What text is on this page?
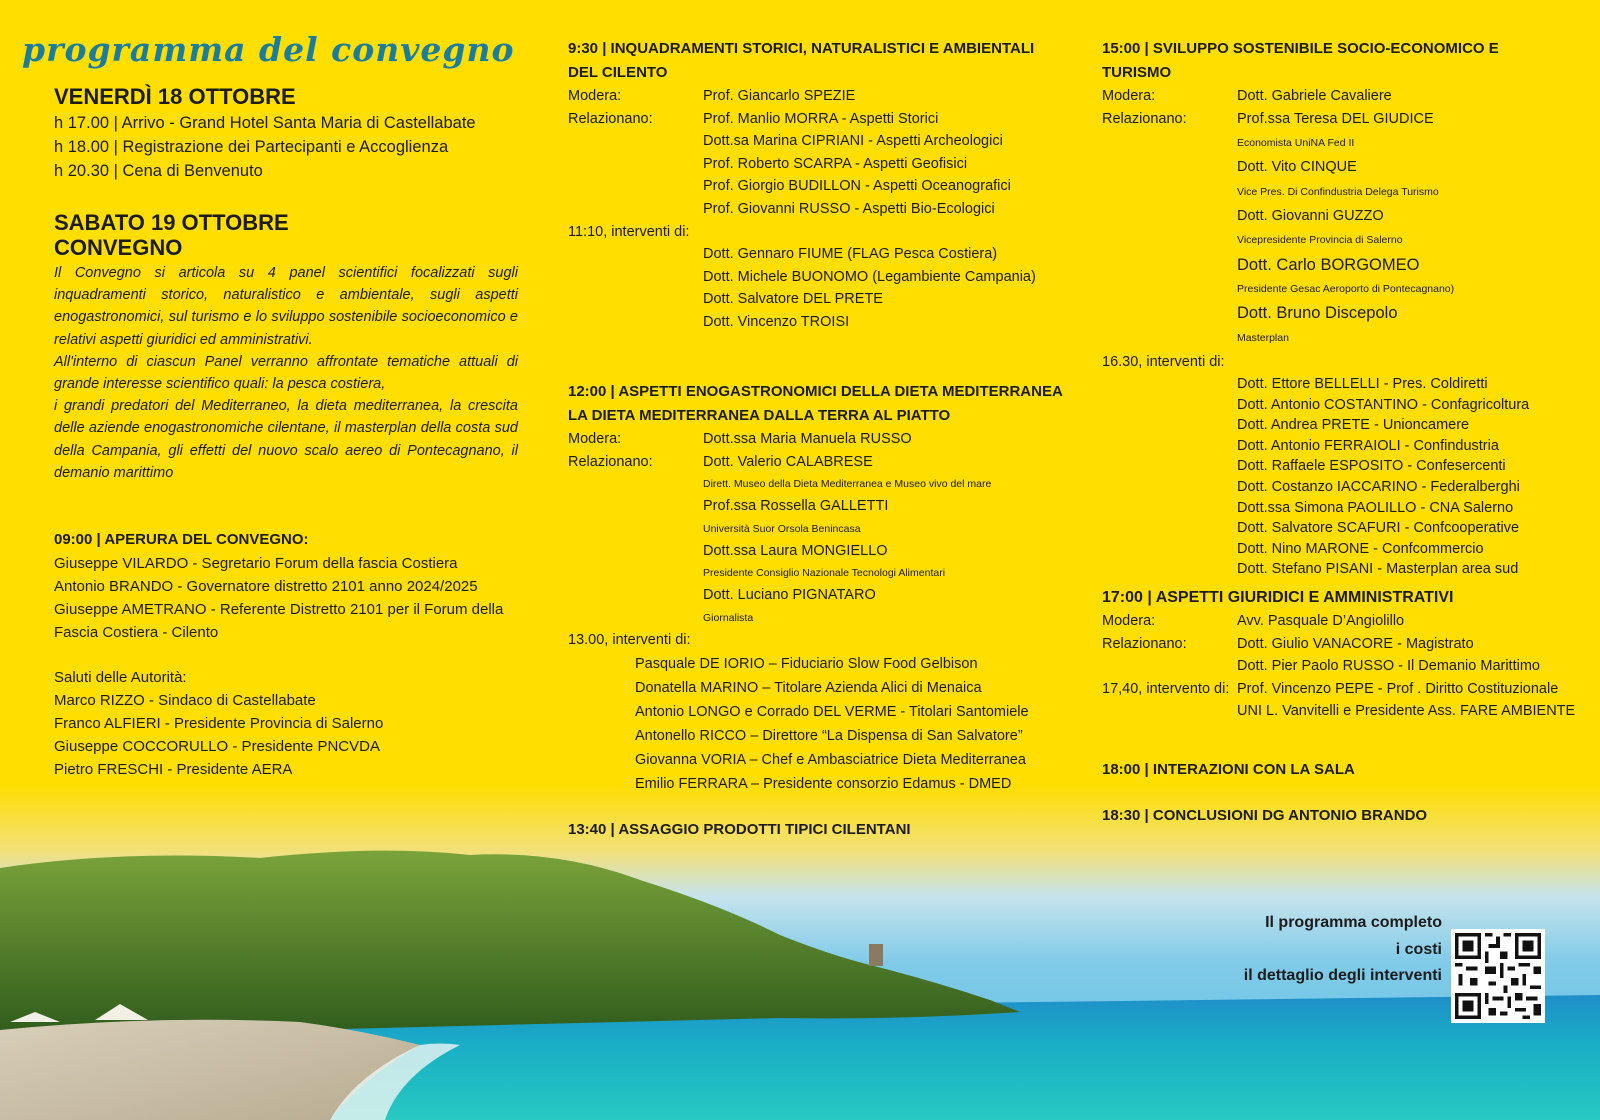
programma del convegno
VENERDÌ 18 OTTOBRE
h 17.00 | Arrivo - Grand Hotel Santa Maria di Castellabate
h 18.00 | Registrazione dei Partecipanti e Accoglienza
h 20.30 | Cena di Benvenuto
SABATO 19 OTTOBRE
CONVEGNO

Il Convegno si articola su 4 panel scientifici focalizzati sugli inquadramenti storico, naturalistico e ambientale, sugli aspetti enogastronomici, sul turismo e lo sviluppo sostenibile socioeconomico e relativi aspetti giuridici ed amministrativi.

All'interno di ciascun Panel verranno affrontate tematiche attuali di grande interesse scientifico quali: la pesca costiera,

i grandi predatori del Mediterraneo, la dieta mediterranea, la crescita delle aziende enogastronomiche cilentane, il masterplan della costa sud della Campania, gli effetti del nuovo scalo aereo di Pontecagnano, il demanio marittimo

09:00 | APERURA DEL CONVEGNO:
Giuseppe VILARDO - Segretario Forum della fascia Costiera
Antonio BRANDO - Governatore distretto 2101 anno 2024/2025
Giuseppe AMETRANO - Referente Distretto 2101 per il Forum della
Fascia Costiera - Cilento
Saluti delle Autorità:
Marco RIZZO - Sindaco di Castellabate
Franco ALFIERI - Presidente Provincia di Salerno
Giuseppe COCCORULLO - Presidente PNCVDA
Pietro FRESCHI - Presidente AERA
9:30 | INQUADRAMENTI STORICI, NATURALISTICI E AMBIENTALI
DEL CILENTO
Modera:	Prof. Giancarlo SPEZIE
Relazionano:	Prof. Manlio MORRA - Aspetti Storici
Dott.sa Marina CIPRIANI - Aspetti Archeologici
Prof. Roberto SCARPA - Aspetti Geofisici
Prof. Giorgio BUDILLON - Aspetti Oceanografici
Prof. Giovanni RUSSO - Aspetti Bio-Ecologici
11:10, interventi di:
Dott. Gennaro FIUME (FLAG Pesca Costiera)
Dott. Michele BUONOMO (Legambiente Campania)
Dott. Salvatore DEL PRETE
Dott. Vincenzo TROISI
12:00 | ASPETTI ENOGASTRONOMICI DELLA DIETA MEDITERRANEA
LA DIETA MEDITERRANEA DALLA TERRA AL PIATTO
Modera:	Dott.ssa Maria Manuela RUSSO
Relazionano:	Dott. Valerio CALABRESE
Dirett. Museo della Dieta Mediterranea e Museo vivo del mare
Prof.ssa Rossella GALLETTI
Università Suor Orsola Benincasa
Dott.ssa Laura MONGIELLO
Presidente Consiglio Nazionale Tecnologi Alimentari
Dott. Luciano PIGNATARO
Giornalista
13.00, interventi di:
Pasquale DE IORIO – Fiduciario Slow Food Gelbison
Donatella MARINO – Titolare Azienda Alici di Menaica
Antonio LONGO e Corrado DEL VERME - Titolari Santomiele
Antonello RICCO – Direttore “La Dispensa di San Salvatore”
Giovanna VORIA – Chef e Ambasciatrice Dieta Mediterranea
Emilio FERRARA – Presidente consorzio Edamus - DMED
13:40 | ASSAGGIO PRODOTTI TIPICI CILENTANI
15:00 | SVILUPPO SOSTENIBILE SOCIO-ECONOMICO E TURISMO
Modera:	Dott. Gabriele Cavaliere
Relazionano:	Prof.ssa Teresa DEL GIUDICE
Economista UniNA Fed II
Dott. Vito CINQUE
Vice Pres. Di Confindustria Delega Turismo
Dott. Giovanni GUZZO
Vicepresidente Provincia di Salerno
Dott. Carlo BORGOMEO
Presidente Gesac Aeroporto di Pontecagnano)
Dott. Bruno Discepolo
Masterplan
16.30, interventi di:
Dott. Ettore BELLELLI - Pres. Coldiretti
Dott. Antonio COSTANTINO - Confagricoltura
Dott. Andrea PRETE - Unioncamere
Dott. Antonio FERRAIOLI - Confindustria
Dott. Raffaele ESPOSITO - Confesercenti
Dott. Costanzo IACCARINO - Federalberghi
Dott.ssa Simona PAOLILLO - CNA Salerno
Dott. Salvatore SCAFURI - Confcooperative
Dott. Nino MARONE - Confcommercio
Dott. Stefano PISANI - Masterplan area sud
17:00 | ASPETTI GIURIDICI E AMMINISTRATIVI
Modera:	Avv. Pasquale D’Angiolillo
Relazionano:	Dott. Giulio VANACORE - Magistrato
Dott. Pier Paolo RUSSO - Il Demanio Marittimo
17,40, intervento di: Prof. Vincenzo PEPE - Prof . Diritto Costituzionale
UNI L. Vanvitelli e Presidente Ass. FARE AMBIENTE
18:00 | INTERAZIONI CON LA SALA
18:30 | CONCLUSIONI DG ANTONIO BRANDO
Il programma completo
i costi
il dettaglio degli interventi
